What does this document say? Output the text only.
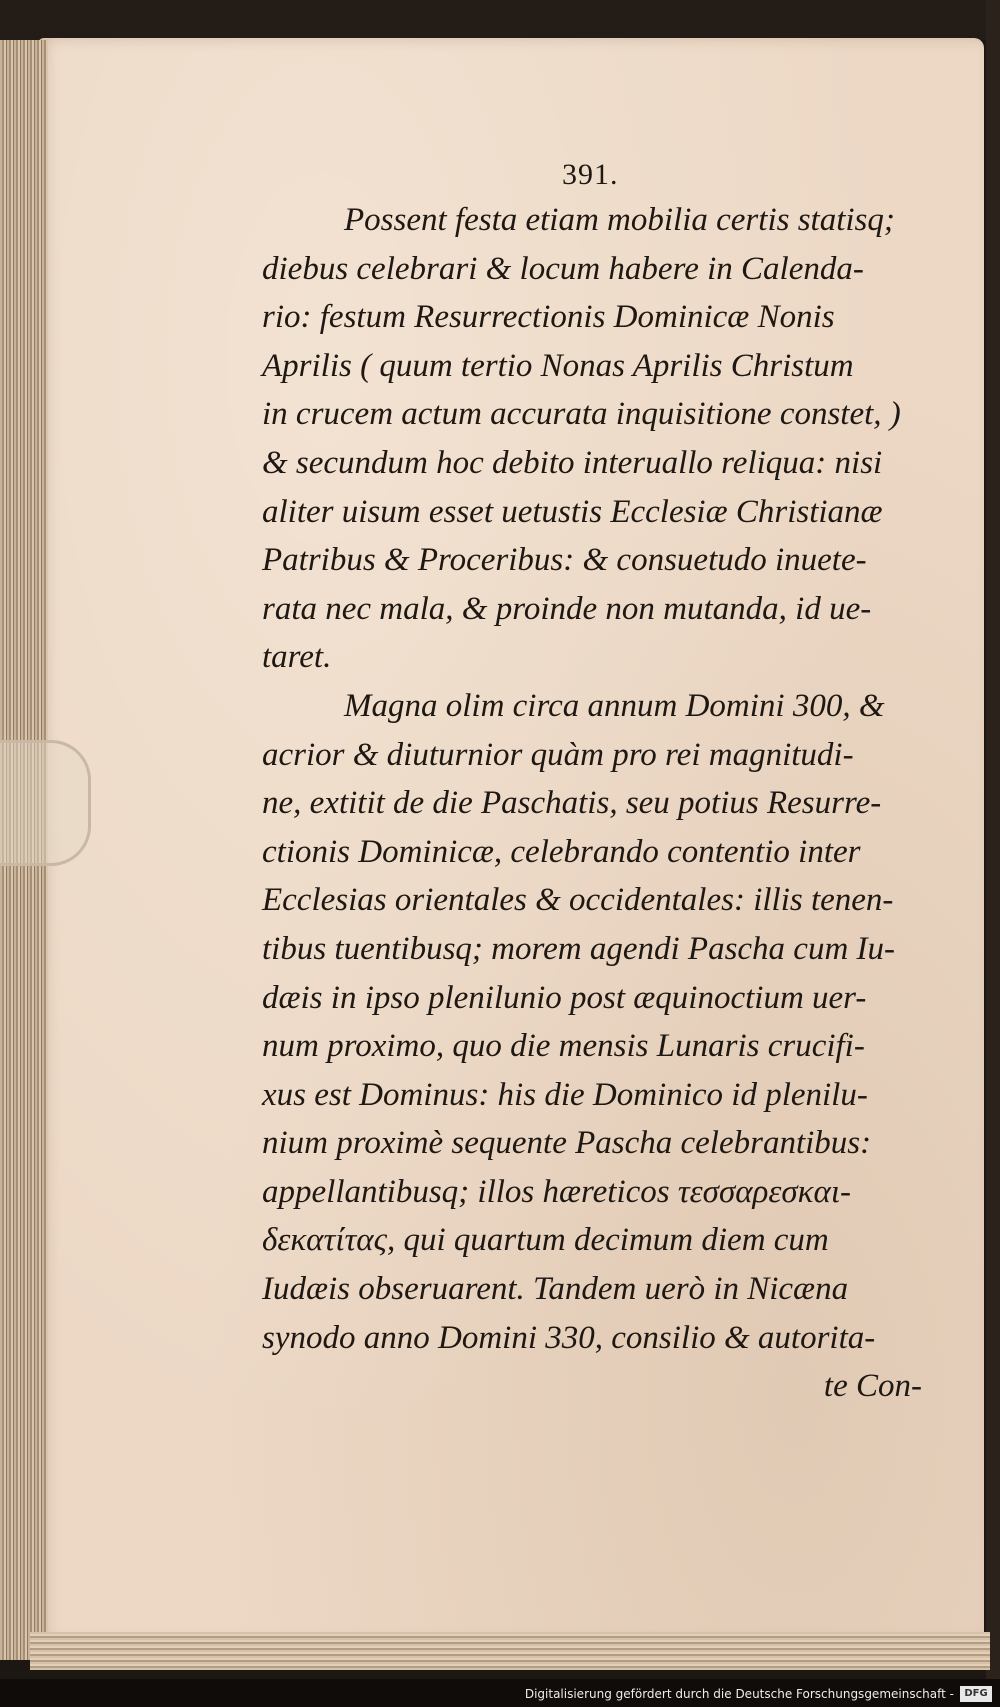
391.

Possent festa etiam mobilia certis statisq;
diebus celebrari & locum habere in Calenda-
rio: festum Resurrectionis Dominicæ Nonis
Aprilis ( quum tertio Nonas Aprilis Christum
in crucem actum accurata inquisitione constet, )
& secundum hoc debito interuallo reliqua: nisi
aliter uisum esset uetustis Ecclesiæ Christianæ
Patribus & Proceribus: & consuetudo inuete-
rata nec mala, & proinde non mutanda, id ue-
taret.

Magna olim circa annum Domini 300, &
acrior & diuturnior quàm pro rei magnitudi-
ne, extitit de die Paschatis, seu potius Resurre-
ctionis Dominicæ, celebrando contentio inter
Ecclesias orientales & occidentales: illis tenen-
tibus tuentibusq; morem agendi Pascha cum Iu-
dæis in ipso plenilunio post æquinoctium uer-
num proximo, quo die mensis Lunaris crucifi-
xus est Dominus: his die Dominico id plenilu-
nium proximè sequente Pascha celebrantibus:
appellantibusq; illos hæreticos τεσσαρεσκαι-
δεκατίτας, qui quartum decimum diem cum
Iudæis obseruarent. Tandem uerò in Nicæna
synodo anno Domini 330, consilio & autorita-
te Con-

Digitalisierung gefördert durch die Deutsche Forschungsgemeinschaft -	DFG
